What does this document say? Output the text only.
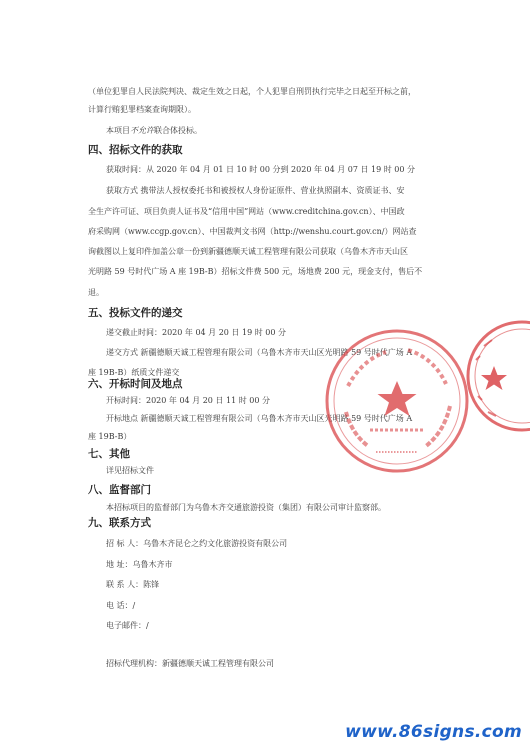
（单位犯罪自人民法院判决、裁定生效之日起，个人犯罪自刑罚执行完毕之日起至开标之前，
计算行贿犯罪档案查询期限）。
本项目不允许联合体投标。
四、招标文件的获取
获取时间：从 2020 年 04 月 01 日 10 时 00 分到 2020 年 04 月 07 日 19 时 00 分
获取方式 携带法人授权委托书和被授权人身份证原件、营业执照副本、资质证书、安
全生产许可证、项目负责人证书及“信用中国”网站（www.creditchina.gov.cn）、中国政
府采购网（www.ccgp.gov.cn）、中国裁判文书网（http://wenshu.court.gov.cn/）网站查
询截图以上复印件加盖公章一份到新疆德顺天诚工程管理有限公司获取（乌鲁木齐市天山区
光明路 59 号时代广场 A 座 19B-B）招标文件费 500 元，场地费 200 元，现金支付，售后不
退。
五、投标文件的递交
递交截止时间：2020 年 04 月 20 日 19 时 00 分
递交方式 新疆德顺天诚工程管理有限公司（乌鲁木齐市天山区光明路 59 号时代广场 A
座 19B-B）纸质文件递交
六、开标时间及地点
开标时间：2020 年 04 月 20 日 11 时 00 分
开标地点 新疆德顺天诚工程管理有限公司（乌鲁木齐市天山区光明路 59 号时代广场 A
座 19B-B）
七、其他
详见招标文件
八、监督部门
本招标项目的监督部门为乌鲁木齐交通旅游投资（集团）有限公司审计监察部。
九、联系方式
招 标 人：乌鲁木齐昆仑之约文化旅游投资有限公司
地 址：乌鲁木齐市
联 系 人：陈锋
电 话：/
电子邮件：/
招标代理机构：新疆德顺天诚工程管理有限公司
www.86signs.com
